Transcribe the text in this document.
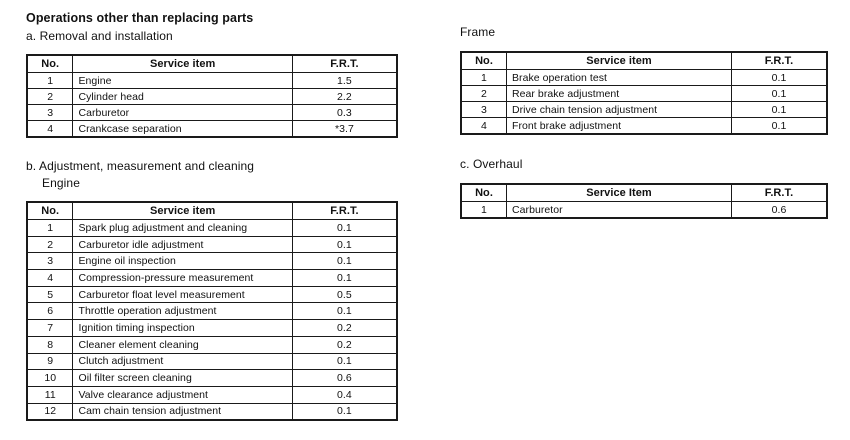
Operations other than replacing parts
a. Removal and installation
No.	Service item	F.R.T.
1	Engine	1.5
2	Cylinder head	2.2
3	Carburetor	0.3
4	Crankcase separation	*3.7
b. Adjustment, measurement and cleaning
Engine
No.	Service item	F.R.T.
1	Spark plug adjustment and cleaning	0.1
2	Carburetor idle adjustment	0.1
3	Engine oil inspection	0.1
4	Compression-pressure measurement	0.1
5	Carburetor float level measurement	0.5
6	Throttle operation adjustment	0.1
7	Ignition timing inspection	0.2
8	Cleaner element cleaning	0.2
9	Clutch adjustment	0.1
10	Oil filter screen cleaning	0.6
11	Valve clearance adjustment	0.4
12	Cam chain tension adjustment	0.1
Frame
No.	Service item	F.R.T.
1	Brake operation test	0.1
2	Rear brake adjustment	0.1
3	Drive chain tension adjustment	0.1
4	Front brake adjustment	0.1
c. Overhaul
No.	Service Item	F.R.T.
1	Carburetor	0.6
